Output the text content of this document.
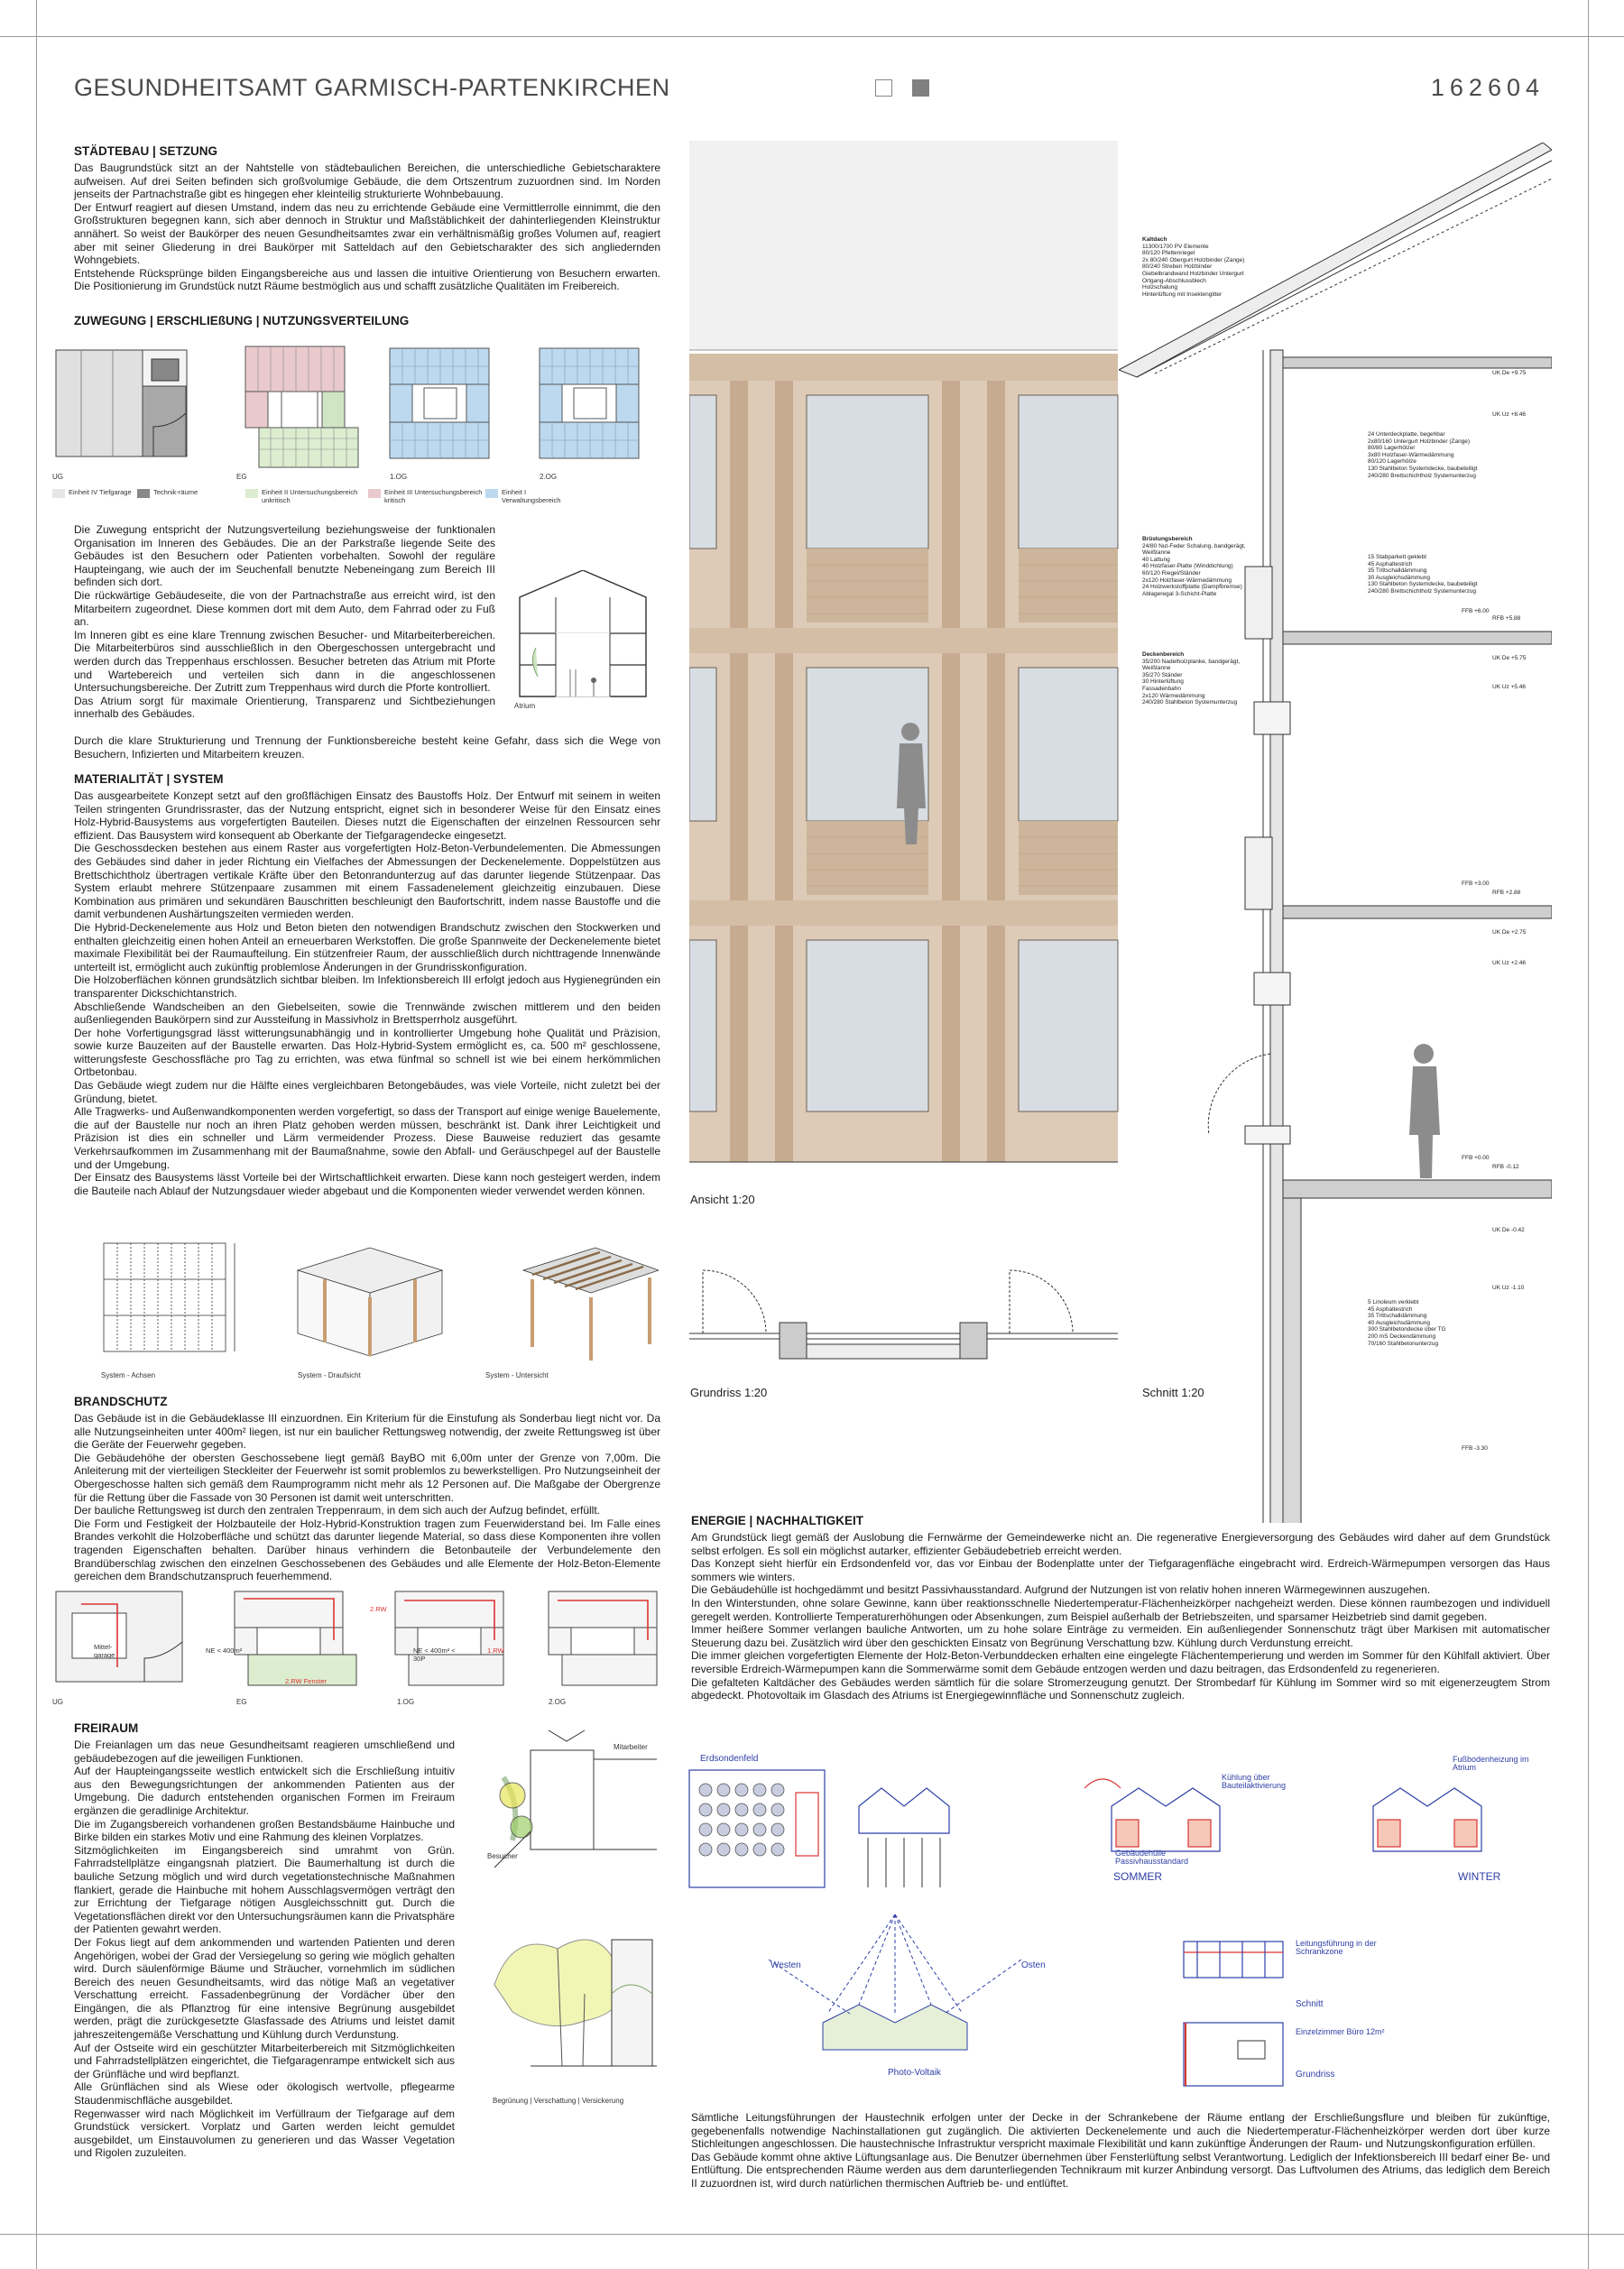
GESUNDHEITSAMT GARMISCH-PARTENKIRCHEN	162604
STÄDTEBAU | SETZUNG

Das Baugrundstück sitzt an der Nahtstelle von städtebaulichen Bereichen, die unterschiedliche Gebietscharaktere aufweisen. Auf drei Seiten befinden sich großvolumige Gebäude, die dem Ortszentrum zuzuordnen sind. Im Norden jenseits der Partnachstraße gibt es hingegen eher kleinteilig strukturierte Wohnbebauung.

Der Entwurf reagiert auf diesen Umstand, indem das neu zu errichtende Gebäude eine Vermittlerrolle einnimmt, die den Großstrukturen begegnen kann, sich aber dennoch in Struktur und Maßstäblichkeit der dahinterliegenden Kleinstruktur annähert. So weist der Baukörper des neuen Gesundheitsamtes zwar ein verhältnismäßig großes Volumen auf, reagiert aber mit seiner Gliederung in drei Baukörper mit Satteldach auf den Gebietscharakter des sich angliedernden Wohngebiets.

Entstehende Rücksprünge bilden Eingangsbereiche aus und lassen die intuitive Orientierung von Besuchern erwarten. Die Positionierung im Grundstück nutzt Räume bestmöglich aus und schafft zusätzliche Qualitäten im Freibereich.

ZUWEGUNG | ERSCHLIEßUNG | NUTZUNGSVERTEILUNG
UG	EG	1.OG	2.OG
Einheit IV Tiefgarage	Technik-räume	Einheit II Untersuchungsbereich unkritisch
Einheit III Untersuchungsbereich kritisch
Einheit I Verwaltungsbereich

Die Zuwegung entspricht der Nutzungsverteilung beziehungsweise der funktionalen Organisation im Inneren des Gebäudes. Die an der Parkstraße liegende Seite des Gebäudes ist den Besuchern oder Patienten vorbehalten. Sowohl der reguläre Haupteingang, wie auch der im Seuchenfall benutzte Nebeneingang zum Bereich III befinden sich dort.

Die rückwärtige Gebäudeseite, die von der Partnachstraße aus erreicht wird, ist den Mitarbeitern zugeordnet. Diese kommen dort mit dem Auto, dem Fahrrad oder zu Fuß an.

Im Inneren gibt es eine klare Trennung zwischen Besucher- und Mitarbeiterbereichen. Die Mitarbeiterbüros sind ausschließlich in den Obergeschossen untergebracht und werden durch das Treppenhaus erschlossen. Besucher betreten das Atrium mit Pforte und Wartebereich und verteilen sich dann in die angeschlossenen Untersuchungsbereiche. Der Zutritt zum Treppenhaus wird durch die Pforte kontrolliert.

Das Atrium sorgt für maximale Orientierung, Transparenz und Sichtbeziehungen innerhalb des Gebäudes.

Durch die klare Strukturierung und Trennung der Funktionsbereiche besteht keine Gefahr, dass sich die Wege von Besuchern, Infizierten und Mitarbeitern kreuzen.

Atrium
MATERIALITÄT | SYSTEM

Das ausgearbeitete Konzept setzt auf den großflächigen Einsatz des Baustoffs Holz. Der Entwurf mit seinem in weiten Teilen stringenten Grundrissraster, das der Nutzung entspricht, eignet sich in besonderer Weise für den Einsatz eines Holz-Hybrid-Bausystems aus vorgefertigten Bauteilen. Dieses nutzt die Eigenschaften der einzelnen Ressourcen sehr effizient. Das Bausystem wird konsequent ab Oberkante der Tiefgaragendecke eingesetzt.

Die Geschossdecken bestehen aus einem Raster aus vorgefertigten Holz-Beton-Verbundelementen. Die Abmessungen des Gebäudes sind daher in jeder Richtung ein Vielfaches der Abmessungen der Deckenelemente. Doppelstützen aus Brettschichtholz übertragen vertikale Kräfte über den Betonrandunterzug auf das darunter liegende Stützenpaar. Das System erlaubt mehrere Stützenpaare zusammen mit einem Fassadenelement gleichzeitig einzubauen. Diese Kombination aus primären und sekundären Bauschritten beschleunigt den Baufortschritt, indem nasse Baustoffe und die damit verbundenen Aushärtungszeiten vermieden werden.

Die Hybrid-Deckenelemente aus Holz und Beton bieten den notwendigen Brandschutz zwischen den Stockwerken und enthalten gleichzeitig einen hohen Anteil an erneuerbaren Werkstoffen. Die große Spannweite der Deckenelemente bietet maximale Flexibilität bei der Raumaufteilung. Ein stützenfreier Raum, der ausschließlich durch nichttragende Innenwände unterteilt ist, ermöglicht auch zukünftig problemlose Änderungen in der Grundrisskonfiguration.

Die Holzoberflächen können grundsätzlich sichtbar bleiben. Im Infektionsbereich III erfolgt jedoch aus Hygienegründen ein transparenter Dickschichtanstrich.

Abschließende Wandscheiben an den Giebelseiten, sowie die Trennwände zwischen mittlerem und den beiden außenliegenden Baukörpern sind zur Aussteifung in Massivholz in Brettsperrholz ausgeführt.

Der hohe Vorfertigungsgrad lässt witterungsunabhängig und in kontrollierter Umgebung hohe Qualität und Präzision, sowie kurze Bauzeiten auf der Baustelle erwarten. Das Holz-Hybrid-System ermöglicht es, ca. 500 m² geschlossene, witterungsfeste Geschossfläche pro Tag zu errichten, was etwa fünfmal so schnell ist wie bei einem herkömmlichen Ortbetonbau.

Das Gebäude wiegt zudem nur die Hälfte eines vergleichbaren Betongebäudes, was viele Vorteile, nicht zuletzt bei der Gründung, bietet.

Alle Tragwerks- und Außenwandkomponenten werden vorgefertigt, so dass der Transport auf einige wenige Bauelemente, die auf der Baustelle nur noch an ihren Platz gehoben werden müssen, beschränkt ist. Dank ihrer Leichtigkeit und Präzision ist dies ein schneller und Lärm vermeidender Prozess. Diese Bauweise reduziert das gesamte Verkehrsaufkommen im Zusammenhang mit der Baumaßnahme, sowie den Abfall- und Geräuschpegel auf der Baustelle und der Umgebung.

Der Einsatz des Bausystems lässt Vorteile bei der Wirtschaftlichkeit erwarten. Diese kann noch gesteigert werden, indem die Bauteile nach Ablauf der Nutzungsdauer wieder abgebaut und die Komponenten wieder verwendet werden können.

System - Achsen	System - Draufsicht	System - Untersicht
BRANDSCHUTZ

Das Gebäude ist in die Gebäudeklasse III einzuordnen. Ein Kriterium für die Einstufung als Sonderbau liegt nicht vor. Da alle Nutzungseinheiten unter 400m² liegen, ist nur ein baulicher Rettungsweg notwendig, der zweite Rettungsweg ist über die Geräte der Feuerwehr gegeben.

Die Gebäudehöhe der obersten Geschossebene liegt gemäß BayBO mit 6,00m unter der Grenze von 7,00m. Die Anleiterung mit der vierteiligen Steckleiter der Feuerwehr ist somit problemlos zu bewerkstelligen. Pro Nutzungseinheit der Obergeschosse halten sich gemäß dem Raumprogramm nicht mehr als 12 Personen auf. Die Maßgabe der Obergrenze für die Rettung über die Fassade von 30 Personen ist damit weit unterschritten.

Der bauliche Rettungsweg ist durch den zentralen Treppenraum, in dem sich auch der Aufzug befindet, erfüllt.

Die Form und Festigkeit der Holzbauteile der Holz-Hybrid-Konstruktion tragen zum Feuerwiderstand bei. Im Falle eines Brandes verkohlt die Holzoberfläche und schützt das darunter liegende Material, so dass diese Komponenten ihre vollen tragenden Eigenschaften behalten. Darüber hinaus verhindern die Betonbauteile der Verbundelemente den Brandüberschlag zwischen den einzelnen Geschossebenen des Gebäudes und alle Elemente der Holz-Beton-Elemente gereichen dem Brandschutzanspruch feuerhemmend.

Mittel-garage
2.RW Fenster
NE < 400m²
2.RW
1.RW
NE < 400m² < 30P
UG	EG	1.OG	2.OG
FREIRAUM

Die Freianlagen um das neue Gesundheitsamt reagieren umschließend und gebäudebezogen auf die jeweiligen Funktionen.

Auf der Haupteingangsseite westlich entwickelt sich die Erschließung intuitiv aus den Bewegungsrichtungen der ankommenden Patienten aus der Umgebung. Die dadurch entstehenden organischen Formen im Freiraum ergänzen die geradlinige Architektur.

Die im Zugangsbereich vorhandenen großen Bestandsbäume Hainbuche und Birke bilden ein starkes Motiv und eine Rahmung des kleinen Vorplatzes.

Sitzmöglichkeiten im Eingangsbereich sind umrahmt von Grün. Fahrradstellplätze eingangsnah platziert. Die Baumerhaltung ist durch die bauliche Setzung möglich und wird durch vegetationstechnische Maßnahmen flankiert, gerade die Hainbuche mit hohem Ausschlagsvermögen verträgt den zur Errichtung der Tiefgarage nötigen Ausgleichsschnitt gut. Durch die Vegetationsflächen direkt vor den Untersuchungsräumen kann die Privatsphäre der Patienten gewahrt werden.

Der Fokus liegt auf dem ankommenden und wartenden Patienten und deren Angehörigen, wobei der Grad der Versiegelung so gering wie möglich gehalten wird. Durch säulenförmige Bäume und Sträucher, vornehmlich im südlichen Bereich des neuen Gesundheitsamts, wird das nötige Maß an vegetativer Verschattung erreicht. Fassadenbegrünung der Vordächer über den Eingängen, die als Pflanztrog für eine intensive Begrünung ausgebildet werden, prägt die zurückgesetzte Glasfassade des Atriums und leistet damit jahreszeitengemäße Verschattung und Kühlung durch Verdunstung.

Auf der Ostseite wird ein geschützter Mitarbeiterbereich mit Sitzmöglichkeiten und Fahrradstellplätzen eingerichtet, die Tiefgaragenrampe entwickelt sich aus der Grünfläche und wird bepflanzt.

Alle Grünflächen sind als Wiese oder ökologisch wertvolle, pflegearme Staudenmischfläche ausgebildet.

Regenwasser wird nach Möglichkeit im Verfüllraum der Tiefgarage auf dem Grundstück versickert. Vorplatz und Garten werden leicht gemuldet ausgebildet, um Einstauvolumen zu generieren und das Wasser Vegetation und Rigolen zuzuleiten.

Mitarbeiter
Besucher
Begrünung | Verschattung | Versickerung
Ansicht 1:20
Grundriss 1:20	Schnitt 1:20
Kaltdach
11300/1700 PV Elemente
80/120 Pfettenriegel
2x 80/240 Obergurt Holzbinder (Zange)
80/240 Streben Holzbinder
Giebelbrandwand Holzbinder Untergurt
Ortgang-Abschlussblech
Holzschalung
Hinterlüftung mit Insektengitter
24 Unterdeckplatte, begehbar
2x80/160 Untergurt Holzbinder (Zange)
80/80 Lagerhölzer
3x80 Holzfaser-Wärmedämmung
80/120 Lagerhölze
130 Stahlbeton Systemdecke, baubeteiligt
240/280 Brettschichtholz Systemunterzug
Brüstungsbereich
24/80 Nut-Feder Schalung, bandgerägt, Weißtanne
40 Lattung
40 Holzfaser-Platte (Winddichtung)
60/120 Riegel/Ständer
2x120 Holzfaser-Wärmedämmung
24 Holzwerkstoffplatte (Dampfbremse)
Ablageregal 3-Schicht-Platte
15 Stabparkett geklebt
45 Asphaltestrich
35 Trittschalldämmung
30 Ausgleichsdämmung
130 Stahlbeton Systemdecke, baubeteiligt
240/280 Brettschichtholz Systemunterzug
Deckenbereich
35/200 Nadelholzplanke, bandgerägt, Weißtanne
35/270 Ständer
30 Hinterlüftung
Fassadenbahn
2x120 Wärmedämmung
240/280 Stahlbeton Systemunterzug
5 Linoleum verklebt
45 Asphaltestrich
35 Trittschalldämmung
40 Ausgleichsdämmung
300 Stahlbetondecke über TG
200 mS Deckendämmung
70/160 Stahlbetonunterzug
UK De +9.75
UK Uz +8.46
FFB +6.00
RFB +5.88
UK De +5.75
UK Uz +5.46
FFB +3.00
RFB +2.88
UK De +2.75
UK Uz +2.46
FFB +0.00
RFB -0.12
UK De -0.42
UK Uz -1.10
FFB -3.30
ENERGIE | NACHHALTIGKEIT

Am Grundstück liegt gemäß der Auslobung die Fernwärme der Gemeindewerke nicht an. Die regenerative Energieversorgung des Gebäudes wird daher auf dem Grundstück selbst erfolgen. Es soll ein möglichst autarker, effizienter Gebäudebetrieb erreicht werden.

Das Konzept sieht hierfür ein Erdsondenfeld vor, das vor Einbau der Bodenplatte unter der Tiefgaragenfläche eingebracht wird. Erdreich-Wärmepumpen versorgen das Haus sommers wie winters.

Die Gebäudehülle ist hochgedämmt und besitzt Passivhausstandard. Aufgrund der Nutzungen ist von relativ hohen inneren Wärmegewinnen auszugehen.

In den Winterstunden, ohne solare Gewinne, kann über reaktionsschnelle Niedertemperatur-Flächenheizkörper nachgeheizt werden. Diese können raumbezogen und individuell geregelt werden. Kontrollierte Temperaturerhöhungen oder Absenkungen, zum Beispiel außerhalb der Betriebszeiten, und sparsamer Heizbetrieb sind damit gegeben.

Immer heißere Sommer verlangen bauliche Antworten, um zu hohe solare Einträge zu vermeiden. Ein außenliegender Sonnenschutz trägt über Markisen mit automatischer Steuerung dazu bei. Zusätzlich wird über den geschickten Einsatz von Begrünung Verschattung bzw. Kühlung durch Verdunstung erreicht.

Die immer gleichen vorgefertigten Elemente der Holz-Beton-Verbunddecken erhalten eine eingelegte Flächentemperierung und werden im Sommer für den Kühlfall aktiviert. Über reversible Erdreich-Wärmepumpen kann die Sommerwärme somit dem Gebäude entzogen werden und dazu beitragen, das Erdsondenfeld zu regenerieren.

Die gefalteten Kaltdächer des Gebäudes werden sämtlich für die solare Stromerzeugung genutzt. Der Strombedarf für Kühlung im Sommer wird so mit eigenerzeugtem Strom abgedeckt. Photovoltaik im Glasdach des Atriums ist Energiegewinnfläche und Sonnenschutz zugleich.

Erdsondenfeld
SOMMER	WINTER
Kühlung über Bauteilaktivierung
Gebäudehülle Passivhausstandard
Fußbodenheizung im Atrium
Westen	Osten
Photo-Voltaik
Leitungsführung in der Schrankzone
Einzelzimmer Büro 12m²
Grundriss
Schnitt

Sämtliche Leitungsführungen der Haustechnik erfolgen unter der Decke in der Schrankebene der Räume entlang der Erschließungsflure und bleiben für zukünftige, gegebenenfalls notwendige Nachinstallationen gut zugänglich. Die aktivierten Deckenelemente und auch die Niedertemperatur-Flächenheizkörper werden dort über kurze Stichleitungen angeschlossen. Die haustechnische Infrastruktur verspricht maximale Flexibilität und kann zukünftige Änderungen der Raum- und Nutzungskonfiguration erfüllen.

Das Gebäude kommt ohne aktive Lüftungsanlage aus. Die Benutzer übernehmen über Fensterlüftung selbst Verantwortung. Lediglich der Infektionsbereich III bedarf einer Be- und Entlüftung. Die entsprechenden Räume werden aus dem darunterliegenden Technikraum mit kurzer Anbindung versorgt. Das Luftvolumen des Atriums, das lediglich dem Bereich II zuzuordnen ist, wird durch natürlichen thermischen Auftrieb be- und entlüftet.
